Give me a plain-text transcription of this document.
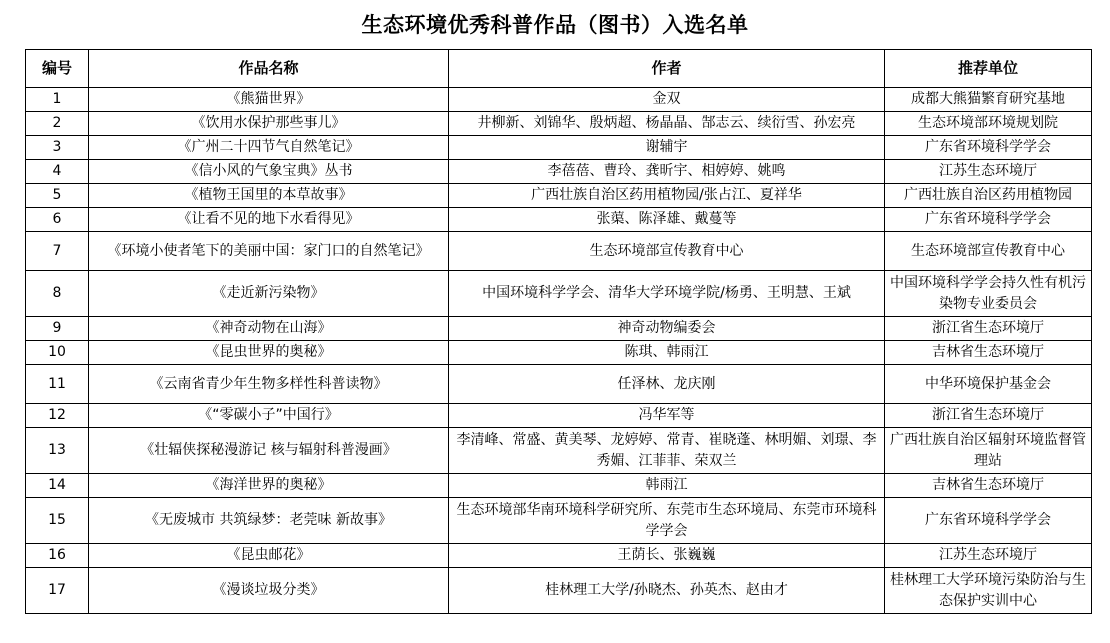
生态环境优秀科普作品（图书）入选名单
编号	作品名称	作者	推荐单位
1	《熊猫世界》	金双	成都大熊猫繁育研究基地
2	《饮用水保护那些事儿》	井柳新、刘锦华、殷炳超、杨晶晶、郜志云、续衍雪、孙宏亮	生态环境部环境规划院
3	《广州二十四节气自然笔记》	谢辅宇	广东省环境科学学会
4	《信小风的气象宝典》丛书	李蓓蓓、曹玲、龚昕宇、相婷婷、姚鸣	江苏生态环境厅
5	《植物王国里的本草故事》	广西壮族自治区药用植物园/张占江、夏祥华	广西壮族自治区药用植物园
6	《让看不见的地下水看得见》	张蕖、陈泽雄、戴蔓等	广东省环境科学学会
7	《环境小使者笔下的美丽中国：家门口的自然笔记》	生态环境部宣传教育中心	生态环境部宣传教育中心
8	《走近新污染物》	中国环境科学学会、清华大学环境学院/杨勇、王明慧、王斌	中国环境科学学会持久性有机污染物专业委员会
9	《神奇动物在山海》	神奇动物编委会	浙江省生态环境厅
10	《昆虫世界的奥秘》	陈琪、韩雨江	吉林省生态环境厅
11	《云南省青少年生物多样性科普读物》	任泽林、龙庆刚	中华环境保护基金会
12	《“零碳小子”中国行》	冯华军等	浙江省生态环境厅
13	《壮辐侠探秘漫游记 核与辐射科普漫画》	李清峰、常盛、黄美琴、龙婷婷、常青、崔晓蓬、林明媚、刘璟、李秀媚、江菲菲、荣双兰	广西壮族自治区辐射环境监督管理站
14	《海洋世界的奥秘》	韩雨江	吉林省生态环境厅
15	《无废城市 共筑绿梦：老莞味 新故事》	生态环境部华南环境科学研究所、东莞市生态环境局、东莞市环境科学学会	广东省环境科学学会
16	《昆虫邮花》	王荫长、张巍巍	江苏生态环境厅
17	《漫谈垃圾分类》	桂林理工大学/孙晓杰、孙英杰、赵由才	桂林理工大学环境污染防治与生态保护实训中心
